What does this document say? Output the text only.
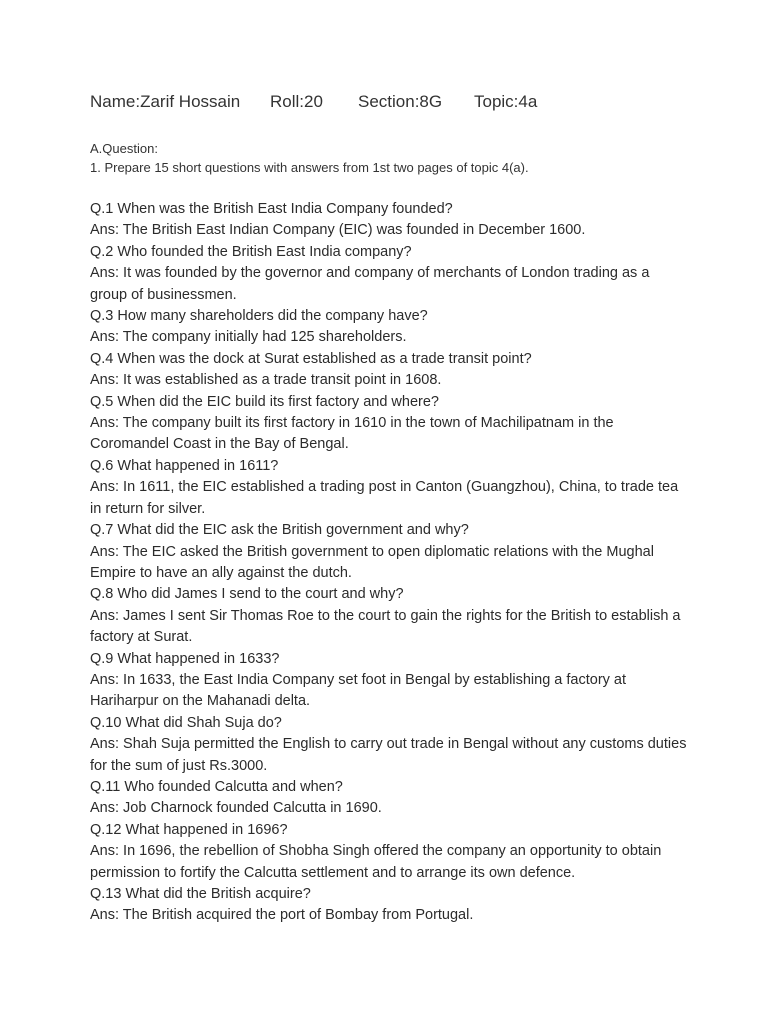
Name:Zarif Hossain Roll:20 Section:8G Topic:4a
A.Question:
1. Prepare 15 short questions with answers from 1st two pages of topic 4(a).
Q.1 When was the British East India Company founded?
Ans: The British East Indian Company (EIC) was founded in December 1600.
Q.2 Who founded the British East India company?
Ans: It was founded by the governor and company of merchants of London trading as a group of businessmen.
Q.3 How many shareholders did the company have?
Ans: The company initially had 125 shareholders.
Q.4 When was the dock at Surat established as a trade transit point?
Ans: It was established as a trade transit point in 1608.
Q.5 When did the EIC build its first factory and where?
Ans: The company built its first factory in 1610 in the town of Machilipatnam in the Coromandel Coast in the Bay of Bengal.
Q.6 What happened in 1611?
Ans: In 1611, the EIC established a trading post in Canton (Guangzhou), China, to trade tea in return for silver.
Q.7 What did the EIC ask the British government and why?
Ans: The EIC asked the British government to open diplomatic relations with the Mughal Empire to have an ally against the dutch.
Q.8 Who did James I send to the court and why?
Ans: James I sent Sir Thomas Roe to the court to gain the rights for the British to establish a factory at Surat.
Q.9 What happened in 1633?
Ans: In 1633, the East India Company set foot in Bengal by establishing a factory at Hariharpur on the Mahanadi delta.
Q.10 What did Shah Suja do?
Ans: Shah Suja permitted the English to carry out trade in Bengal without any customs duties for the sum of just Rs.3000.
Q.11 Who founded Calcutta and when?
Ans: Job Charnock founded Calcutta in 1690.
Q.12 What happened in 1696?
Ans: In 1696, the rebellion of Shobha Singh offered the company an opportunity to obtain permission to fortify the Calcutta settlement and to arrange its own defence.
Q.13 What did the British acquire?
Ans: The British acquired the port of Bombay from Portugal.
